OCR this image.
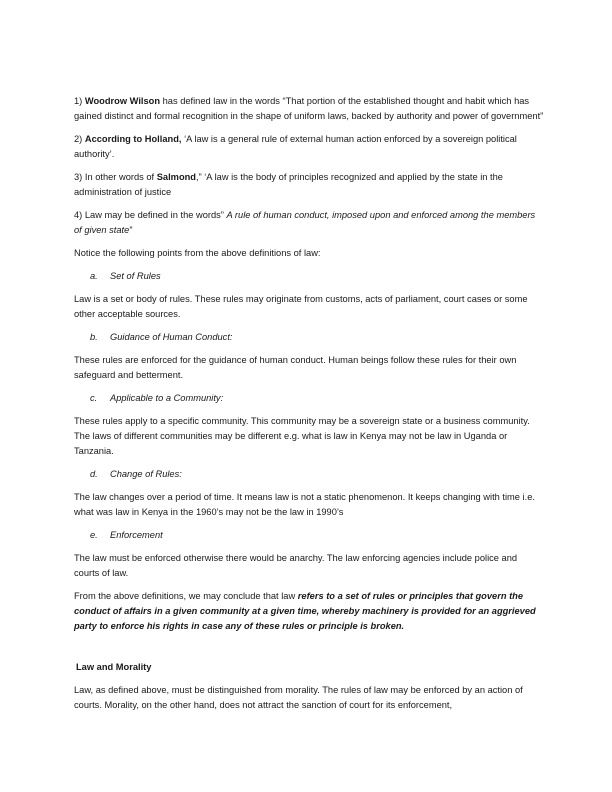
1) Woodrow Wilson has defined law in the words “That portion of the established thought and habit which has gained distinct and formal recognition in the shape of uniform laws, backed by authority and power of government”

2) According to Holland, ‘A law is a general rule of external human action enforced by a sovereign political authority’.

3) In other words of Salmond,” ‘A law is the body of principles recognized and applied by the state in the administration of justice

4) Law may be defined in the words” A rule of human conduct, imposed upon and enforced among the members of given state”

Notice the following points from the above definitions of law:

a. Set of Rules

Law is a set or body of rules. These rules may originate from customs, acts of parliament, court cases or some other acceptable sources.

b. Guidance of Human Conduct:

These rules are enforced for the guidance of human conduct. Human beings follow these rules for their own safeguard and betterment.

c. Applicable to a Community:

These rules apply to a specific community. This community may be a sovereign state or a business community. The laws of different communities may be different e.g. what is law in Kenya may not be law in Uganda or Tanzania.

d. Change of Rules:

The law changes over a period of time. It means law is not a static phenomenon. It keeps changing with time i.e. what was law in Kenya in the 1960’s may not be the law in 1990’s

e. Enforcement

The law must be enforced otherwise there would be anarchy. The law enforcing agencies include police and courts of law.

From the above definitions, we may conclude that law refers to a set of rules or principles that govern the conduct of affairs in a given community at a given time, whereby machinery is provided for an aggrieved party to enforce his rights in case any of these rules or principle is broken.

Law and Morality

Law, as defined above, must be distinguished from morality. The rules of law may be enforced by an action of courts. Morality, on the other hand, does not attract the sanction of court for its enforcement,
